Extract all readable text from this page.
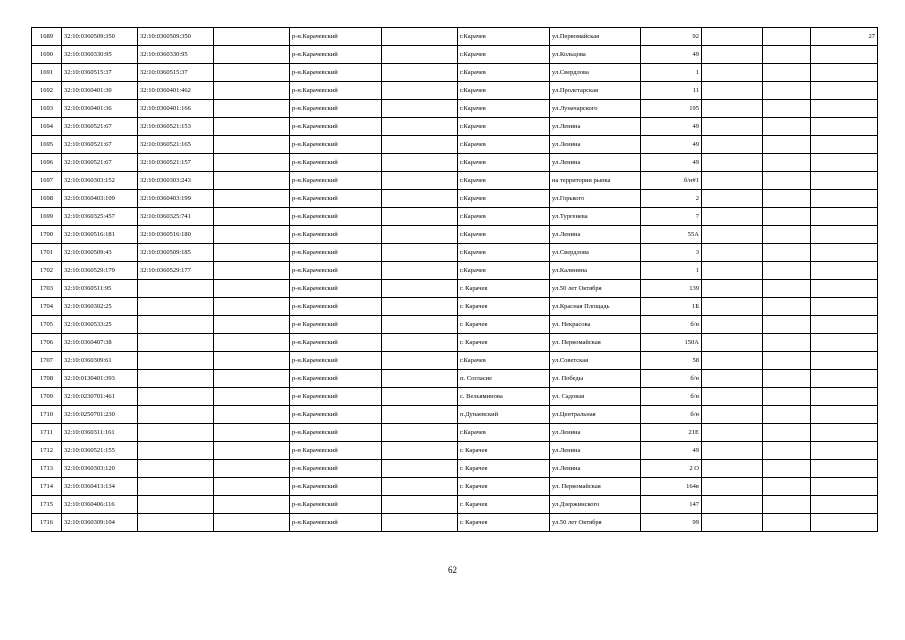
1689	32:10:0360509:350	32:10:0360509:350		р-н.Карачевский		г.Карачев	ул.Первомайская	92			27
1690	32:10:0360330:95	32:10:0360330:95		р-н.Карачевский		г.Карачев	ул.Кольцова	49			
1691	32:10:0360515:37	32:10:0360515:37		р-н.Карачевский		г.Карачев	ул.Свердлова	1			
1692	32:10:0360401:30	32:10:0360401:462		р-н.Карачевский		г.Карачев	ул.Пролетарская	11			
1693	32:10:0360401:36	32:10:0360401:166		р-н.Карачевский		г.Карачев	ул.Луначарского	195			
1694	32:10:0360521:67	32:10:0360521:153		р-н.Карачевский		г.Карачев	ул.Ленина	49			
1695	32:10:0360521:67	32:10:0360521:165		р-н.Карачевский		г.Карачев	ул.Ленина	49			
1696	32:10:0360521:67	32:10:0360521:157		р-н.Карачевский		г.Карачев	ул.Ленина	49			
1697	32:10:0360303:152	32:10:0360303:243		р-н.Карачевский		г.Карачев	на территории рынка	б/н#1			
1698	32:10:0360403:109	32:10:0360403:199		р-н.Карачевский		г.Карачев	ул.Горького	2			
1699	32:10:0360325:457	32:10:0360325:741		р-н.Карачевский		г.Карачев	ул.Тургенева	7			
1700	32:10:0360516:181	32:10:0360516:180		р-н.Карачевский		г.Карачев	ул.Ленина	55А			
1701	32:10:0360509:43	32:10:0360509:185		р-н.Карачевский		г.Карачев	ул.Свердлова	3			
1702	32:10:0360529:179	32:10:0360529:177		р-н.Карачевский		г.Карачев	ул.Калинина	1			
1703	32:10:0360511:95			р-н.Карачевский		г. Карачев	ул.50 лет Октября	139			
1704	32:10:0360302:25			р-н.Карачевский		г. Карачев	ул.Красная Площадь	1Б			
1705	32:10:0360533:25			р-н Карачевский		г. Карачев	ул. Некрасова	б/н			
1706	32:10:0360407:38			р-н.Карачевский		г. Карачев	ул. Первомайская	150А			
1707	32:10:0360309:61			р-н.Карачевский		г.Карачев	ул.Советская	58			
1708	32:10:0130401:393			р-н.Карачевский		п. Согласие	ул. Победы	б/н			
1709	32:10:0230701:461			р-н Карачевский		с. Вельяминова	ул. Садовая	б/н			
1710	32:10:0250701:230			р-н.Карачевский		п.Дунаевский	ул.Центральная	б/н			
1711	32:10:0360311:161			р-н.Карачевский		г.Карачев	ул.Ленина	21Е			
1712	32:10:0360521:155			р-н Карачевский		г. Карачев	ул.Ленина	49			
1713	32:10:0360303:120			р-н.Карачевский		г. Карачев	ул.Ленина	2 О			
1714	32:10:0360413:134			р-н.Карачевский		г. Карачев	ул. Первомайская	164в			
1715	32:10:0360406:116			р-н.Карачевский		г. Карачев	ул.Дзержинского	147			
1716	32:10:0360309:104			р-н.Карачевский		г. Карачев	ул.50 лет Октября	99			
62
